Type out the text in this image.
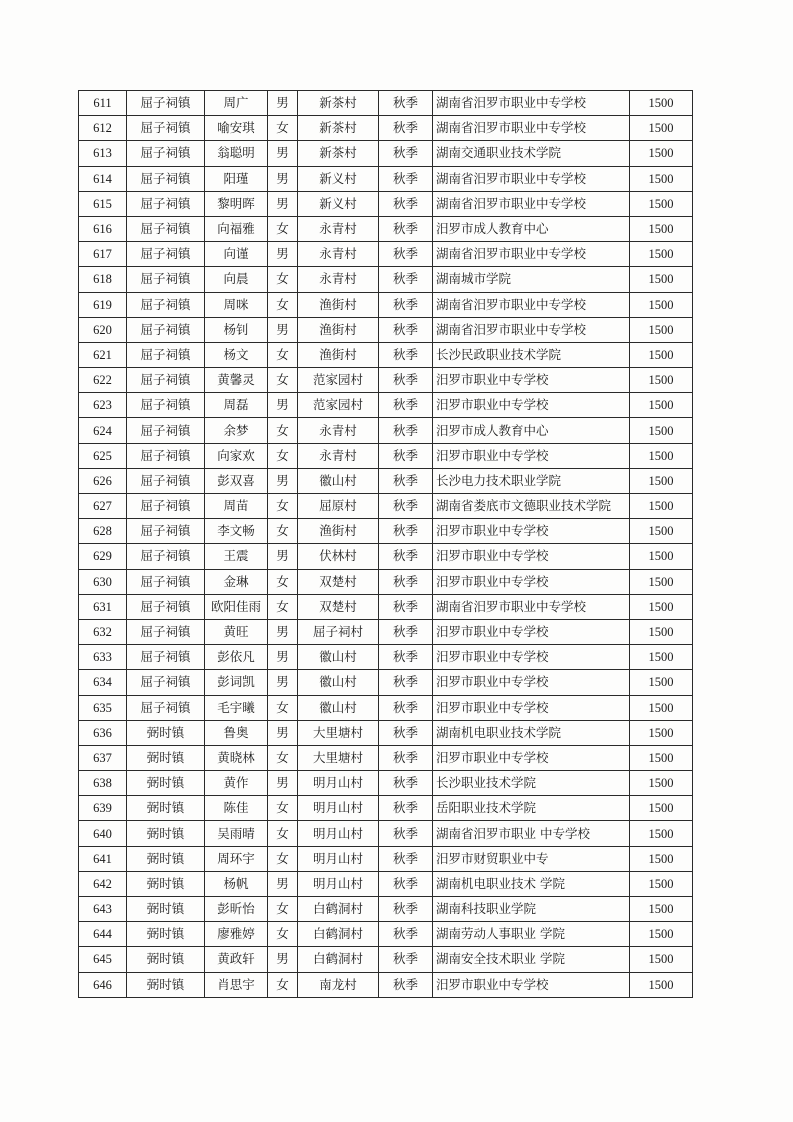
611	屈子祠镇	周广	男	新茶村	秋季	湖南省汨罗市职业中专学校	1500
612	屈子祠镇	喻安琪	女	新茶村	秋季	湖南省汨罗市职业中专学校	1500
613	屈子祠镇	翁聪明	男	新茶村	秋季	湖南交通职业技术学院	1500
614	屈子祠镇	阳瑾	男	新义村	秋季	湖南省汨罗市职业中专学校	1500
615	屈子祠镇	黎明晖	男	新义村	秋季	湖南省汨罗市职业中专学校	1500
616	屈子祠镇	向福雅	女	永青村	秋季	汨罗市成人教育中心	1500
617	屈子祠镇	向谨	男	永青村	秋季	湖南省汨罗市职业中专学校	1500
618	屈子祠镇	向晨	女	永青村	秋季	湖南城市学院	1500
619	屈子祠镇	周咪	女	渔街村	秋季	湖南省汨罗市职业中专学校	1500
620	屈子祠镇	杨钊	男	渔街村	秋季	湖南省汨罗市职业中专学校	1500
621	屈子祠镇	杨文	女	渔街村	秋季	长沙民政职业技术学院	1500
622	屈子祠镇	黄馨灵	女	范家园村	秋季	汨罗市职业中专学校	1500
623	屈子祠镇	周磊	男	范家园村	秋季	汨罗市职业中专学校	1500
624	屈子祠镇	余梦	女	永青村	秋季	汨罗市成人教育中心	1500
625	屈子祠镇	向家欢	女	永青村	秋季	汨罗市职业中专学校	1500
626	屈子祠镇	彭双喜	男	徽山村	秋季	长沙电力技术职业学院	1500
627	屈子祠镇	周苗	女	屈原村	秋季	湖南省娄底市文德职业技术学院	1500
628	屈子祠镇	李文畅	女	渔街村	秋季	汨罗市职业中专学校	1500
629	屈子祠镇	王震	男	伏林村	秋季	汨罗市职业中专学校	1500
630	屈子祠镇	金琳	女	双楚村	秋季	汨罗市职业中专学校	1500
631	屈子祠镇	欧阳佳雨	女	双楚村	秋季	湖南省汨罗市职业中专学校	1500
632	屈子祠镇	黄旺	男	屈子祠村	秋季	汨罗市职业中专学校	1500
633	屈子祠镇	彭依凡	男	徽山村	秋季	汨罗市职业中专学校	1500
634	屈子祠镇	彭词凯	男	徽山村	秋季	汨罗市职业中专学校	1500
635	屈子祠镇	毛宇曦	女	徽山村	秋季	汨罗市职业中专学校	1500
636	弼时镇	鲁奥	男	大里塘村	秋季	湖南机电职业技术学院	1500
637	弼时镇	黄晓林	女	大里塘村	秋季	汨罗市职业中专学校	1500
638	弼时镇	黄作	男	明月山村	秋季	长沙职业技术学院	1500
639	弼时镇	陈佳	女	明月山村	秋季	岳阳职业技术学院	1500
640	弼时镇	吴雨晴	女	明月山村	秋季	湖南省汨罗市职业 中专学校	1500
641	弼时镇	周环宇	女	明月山村	秋季	汨罗市财贸职业中专	1500
642	弼时镇	杨帆	男	明月山村	秋季	湖南机电职业技术 学院	1500
643	弼时镇	彭昕怡	女	白鹤洞村	秋季	湖南科技职业学院	1500
644	弼时镇	廖雅婷	女	白鹤洞村	秋季	湖南劳动人事职业 学院	1500
645	弼时镇	黄政轩	男	白鹤洞村	秋季	湖南安全技术职业 学院	1500
646	弼时镇	肖思宇	女	南龙村	秋季	汨罗市职业中专学校	1500
